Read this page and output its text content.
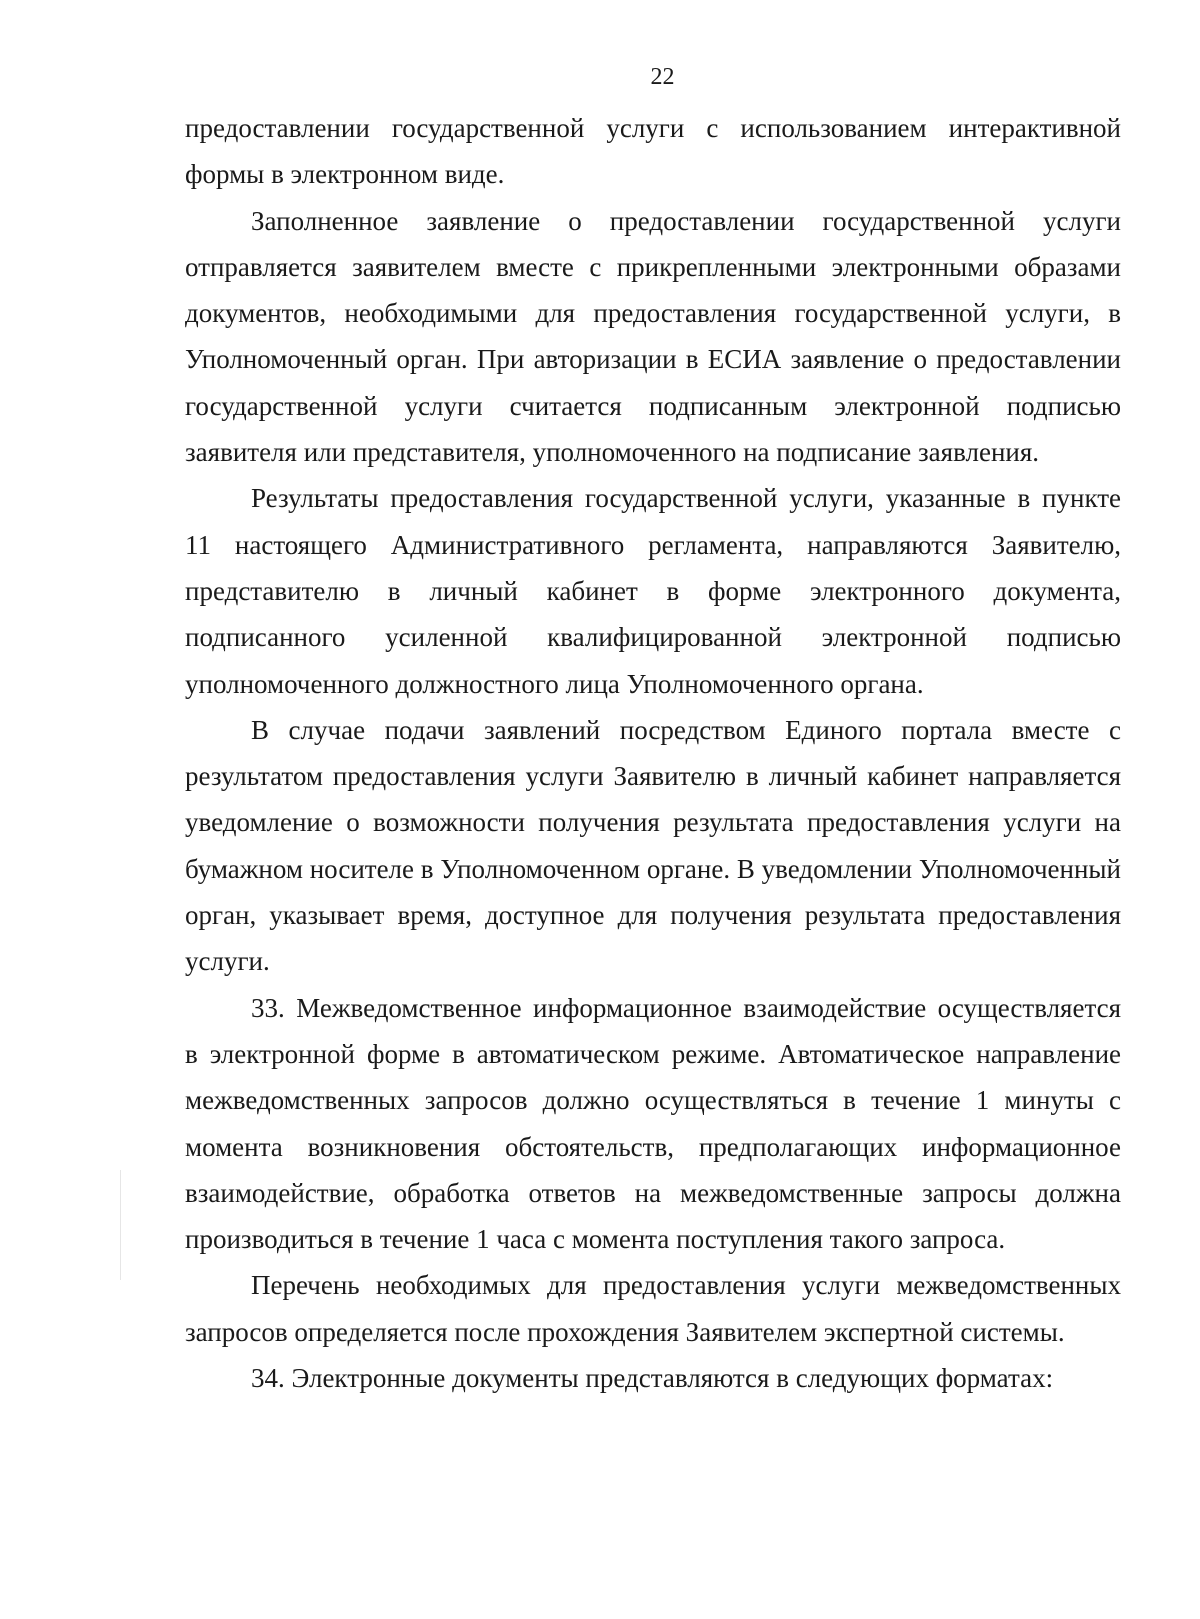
22

предоставлении государственной услуги с использованием интерактивной формы в электронном виде.

Заполненное заявление о предоставлении государственной услуги отправляется заявителем вместе с прикрепленными электронными образами документов, необходимыми для предоставления государственной услуги, в Уполномоченный орган. При авторизации в ЕСИА заявление о предоставлении государственной услуги считается подписанным электронной подписью заявителя или представителя, уполномоченного на подписание заявления.

Результаты предоставления государственной услуги, указанные в пункте 11 настоящего Административного регламента, направляются Заявителю, представителю в личный кабинет в форме электронного документа, подписанного усиленной квалифицированной электронной подписью уполномоченного должностного лица Уполномоченного органа.

В случае подачи заявлений посредством Единого портала вместе с результатом предоставления услуги Заявителю в личный кабинет направляется уведомление о возможности получения результата предоставления услуги на бумажном носителе в Уполномоченном органе. В уведомлении Уполномоченный орган, указывает время, доступное для получения результата предоставления услуги.

33. Межведомственное информационное взаимодействие осуществляется в электронной форме в автоматическом режиме. Автоматическое направление межведомственных запросов должно осуществляться в течение 1 минуты с момента возникновения обстоятельств, предполагающих информационное взаимодействие, обработка ответов на межведомственные запросы должна производиться в течение 1 часа с момента поступления такого запроса.

Перечень необходимых для предоставления услуги межведомственных запросов определяется после прохождения Заявителем экспертной системы.

34. Электронные документы представляются в следующих форматах:
